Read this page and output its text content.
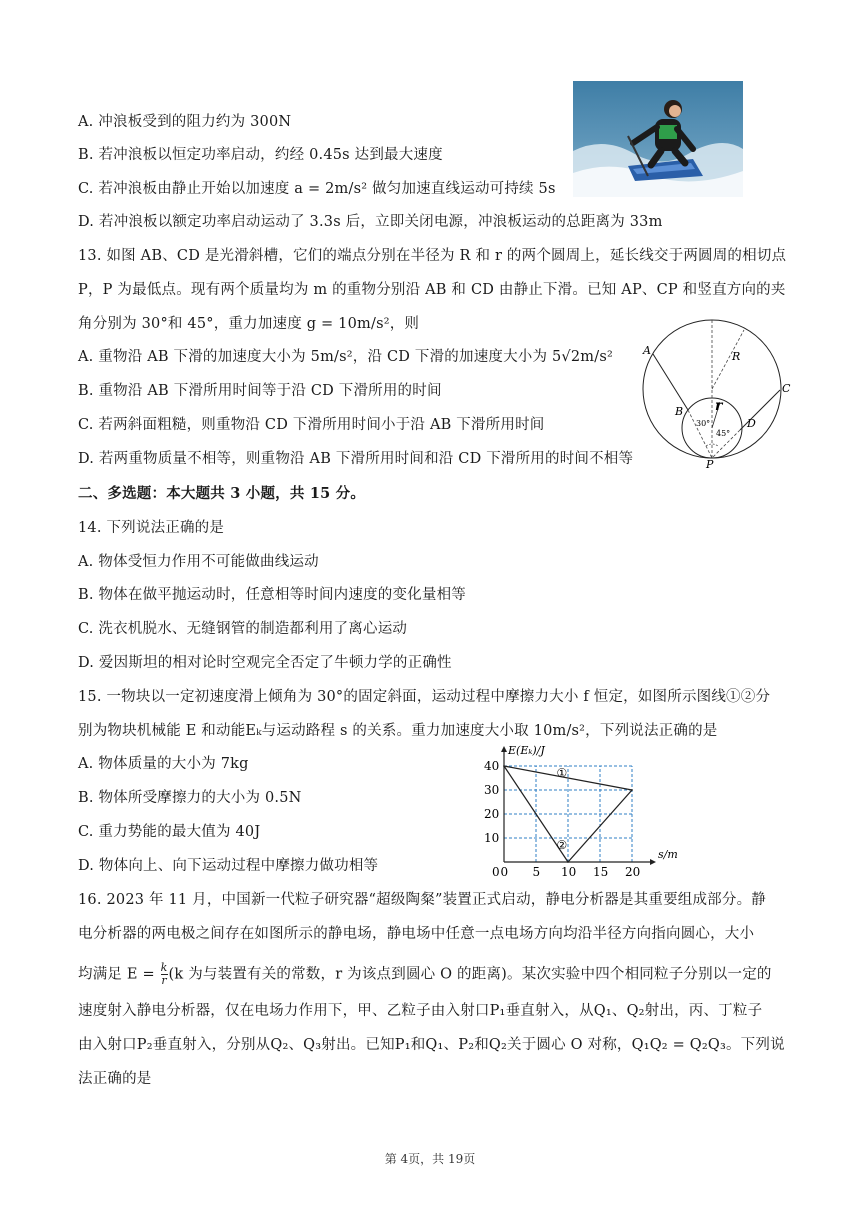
A. 冲浪板受到的阻力约为 300N
B. 若冲浪板以恒定功率启动，约经 0.45s 达到最大速度
C. 若冲浪板由静止开始以加速度 a = 2m/s² 做匀加速直线运动可持续 5s
D. 若冲浪板以额定功率启动运动了 3.3s 后，立即关闭电源，冲浪板运动的总距离为 33m
13. 如图 AB、CD 是光滑斜槽，它们的端点分别在半径为 R 和 r 的两个圆周上，延长线交于两圆周的相切点
P，P 为最低点。现有两个质量均为 m 的重物分别沿 AB 和 CD 由静止下滑。已知 AP、CP 和竖直方向的夹
角分别为 30°和 45°，重力加速度 g = 10m/s²，则
A. 重物沿 AB 下滑的加速度大小为 5m/s²，沿 CD 下滑的加速度大小为 5√2m/s²
B. 重物沿 AB 下滑所用时间等于沿 CD 下滑所用的时间
C. 若两斜面粗糙，则重物沿 CD 下滑所用时间小于沿 AB 下滑所用时间
D. 若两重物质量不相等，则重物沿 AB 下滑所用时间和沿 CD 下滑所用的时间不相等
A
B
C
D
P
R
r
30°
45°
二、多选题：本大题共 3 小题，共 15 分。
14. 下列说法正确的是
A. 物体受恒力作用不可能做曲线运动
B. 物体在做平抛运动时，任意相等时间内速度的变化量相等
C. 洗衣机脱水、无缝钢管的制造都利用了离心运动
D. 爱因斯坦的相对论时空观完全否定了牛顿力学的正确性
15. 一物块以一定初速度滑上倾角为 30°的固定斜面，运动过程中摩擦力大小 f 恒定，如图所示图线①②分
别为物块机械能 E 和动能Eₖ与运动路程 s 的关系。重力加速度大小取 10m/s²，下列说法正确的是
A. 物体质量的大小为 7kg
B. 物体所受摩擦力的大小为 0.5N
C. 重力势能的最大值为 40J
D. 物体向上、向下运动过程中摩擦力做功相等	0 5 10 15 20
10
20
30
40
0
E(Eₖ)/J
s/m
①
②
16. 2023 年 11 月，中国新一代粒子研究器“超级陶粲”装置正式启动，静电分析器是其重要组成部分。静
电分析器的两电极之间存在如图所示的静电场，静电场中任意一点电场方向均沿半径方向指向圆心，大小
均满足 $E = \frac{k}{r} (k$ 为与装置有关的常数，r 为该点到圆心 O 的距离)。某次实验中四个相同粒子分别以一定的
速度射入静电分析器，仅在电场力作用下，甲、乙粒子由入射口P₁垂直射入，从Q₁、Q₂射出，丙、丁粒子
由入射口P₂垂直射入，分别从Q₂、Q₃射出。已知P₁和Q₁、P₂和Q₂关于圆心 O 对称，Q₁Q₂ = Q₂Q₃。下列说
法正确的是
第 4页，共 19页
